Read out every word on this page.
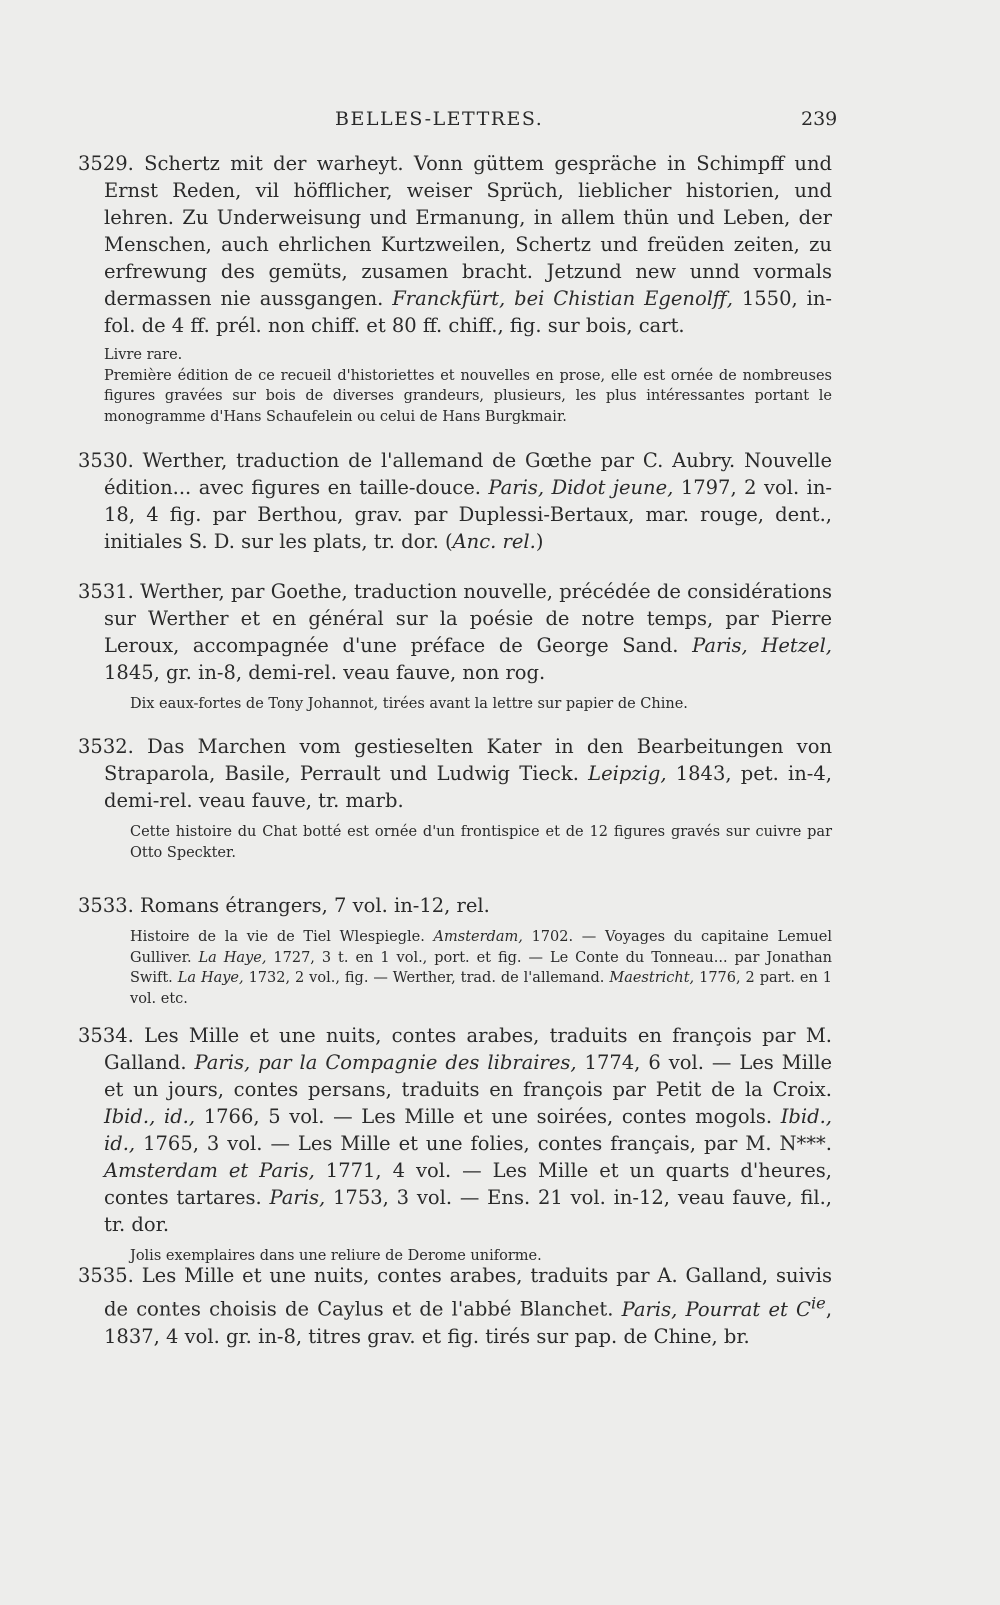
BELLES-LETTRES.	239

3529. Schertz mit der warheyt. Vonn güttem gespräche in Schimpff und Ernst Reden, vil höfflicher, weiser Sprüch, lieblicher historien, und lehren. Zu Underweisung und Ermanung, in allem thün und Leben, der Menschen, auch ehrlichen Kurtzweilen, Schertz und freüden zeiten, zu erfrewung des gemüts, zusamen bracht. Jetzund new unnd vormals dermassen nie aussgangen. Franckfürt, bei Chistian Egenolff, 1550, in-fol. de 4 ff. prél. non chiff. et 80 ff. chiff., fig. sur bois, cart.

Livre rare.

Première édition de ce recueil d'historiettes et nouvelles en prose, elle est ornée de nombreuses figures gravées sur bois de diverses grandeurs, plusieurs, les plus intéressantes portant le monogramme d'Hans Schaufelein ou celui de Hans Burgkmair.

3530. Werther, traduction de l'allemand de Gœthe par C. Aubry. Nouvelle édition... avec figures en taille-douce. Paris, Didot jeune, 1797, 2 vol. in-18, 4 fig. par Berthou, grav. par Duplessi-Bertaux, mar. rouge, dent., initiales S. D. sur les plats, tr. dor. (Anc. rel.)

3531. Werther, par Goethe, traduction nouvelle, précédée de considérations sur Werther et en général sur la poésie de notre temps, par Pierre Leroux, accompagnée d'une préface de George Sand. Paris, Hetzel, 1845, gr. in-8, demi-rel. veau fauve, non rog.

Dix eaux-fortes de Tony Johannot, tirées avant la lettre sur papier de Chine.

3532. Das Marchen vom gestieselten Kater in den Bearbeitungen von Straparola, Basile, Perrault und Ludwig Tieck. Leipzig, 1843, pet. in-4, demi-rel. veau fauve, tr. marb.

Cette histoire du Chat botté est ornée d'un frontispice et de 12 figures gravés sur cuivre par Otto Speckter.

3533. Romans étrangers, 7 vol. in-12, rel.

Histoire de la vie de Tiel Wlespiegle. Amsterdam, 1702. — Voyages du capitaine Lemuel Gulliver. La Haye, 1727, 3 t. en 1 vol., port. et fig. — Le Conte du Tonneau... par Jonathan Swift. La Haye, 1732, 2 vol., fig. — Werther, trad. de l'allemand. Maestricht, 1776, 2 part. en 1 vol. etc.

3534. Les Mille et une nuits, contes arabes, traduits en françois par M. Galland. Paris, par la Compagnie des libraires, 1774, 6 vol. — Les Mille et un jours, contes persans, traduits en françois par Petit de la Croix. Ibid., id., 1766, 5 vol. — Les Mille et une soirées, contes mogols. Ibid., id., 1765, 3 vol. — Les Mille et une folies, contes français, par M. N***. Amsterdam et Paris, 1771, 4 vol. — Les Mille et un quarts d'heures, contes tartares. Paris, 1753, 3 vol. — Ens. 21 vol. in-12, veau fauve, fil., tr. dor.

Jolis exemplaires dans une reliure de Derome uniforme.

3535. Les Mille et une nuits, contes arabes, traduits par A. Galland, suivis de contes choisis de Caylus et de l'abbé Blanchet. Paris, Pourrat et $C^{ie}$, 1837, 4 vol. gr. in-8, titres grav. et fig. tirés sur pap. de Chine, br.
